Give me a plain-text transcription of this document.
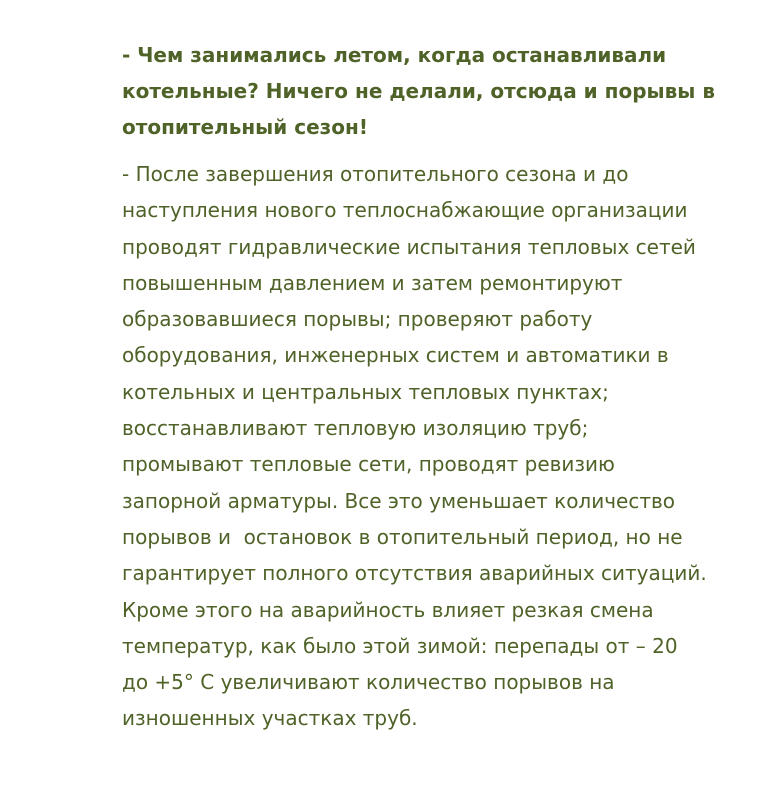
- Чем занимались летом, когда останавливали
котельные? Ничего не делали, отсюда и порывы в
отопительный сезон!
- После завершения отопительного сезона и до
наступления нового теплоснабжающие организации
проводят гидравлические испытания тепловых сетей
повышенным давлением и затем ремонтируют
образовавшиеся порывы; проверяют работу
оборудования, инженерных систем и автоматики в
котельных и центральных тепловых пунктах;
восстанавливают тепловую изоляцию труб;
промывают тепловые сети, проводят ревизию
запорной арматуры. Все это уменьшает количество
порывов и  остановок в отопительный период, но не
гарантирует полного отсутствия аварийных ситуаций.
Кроме этого на аварийность влияет резкая смена
температур, как было этой зимой: перепады от – 20
до +5° С увеличивают количество порывов на
изношенных участках труб.
